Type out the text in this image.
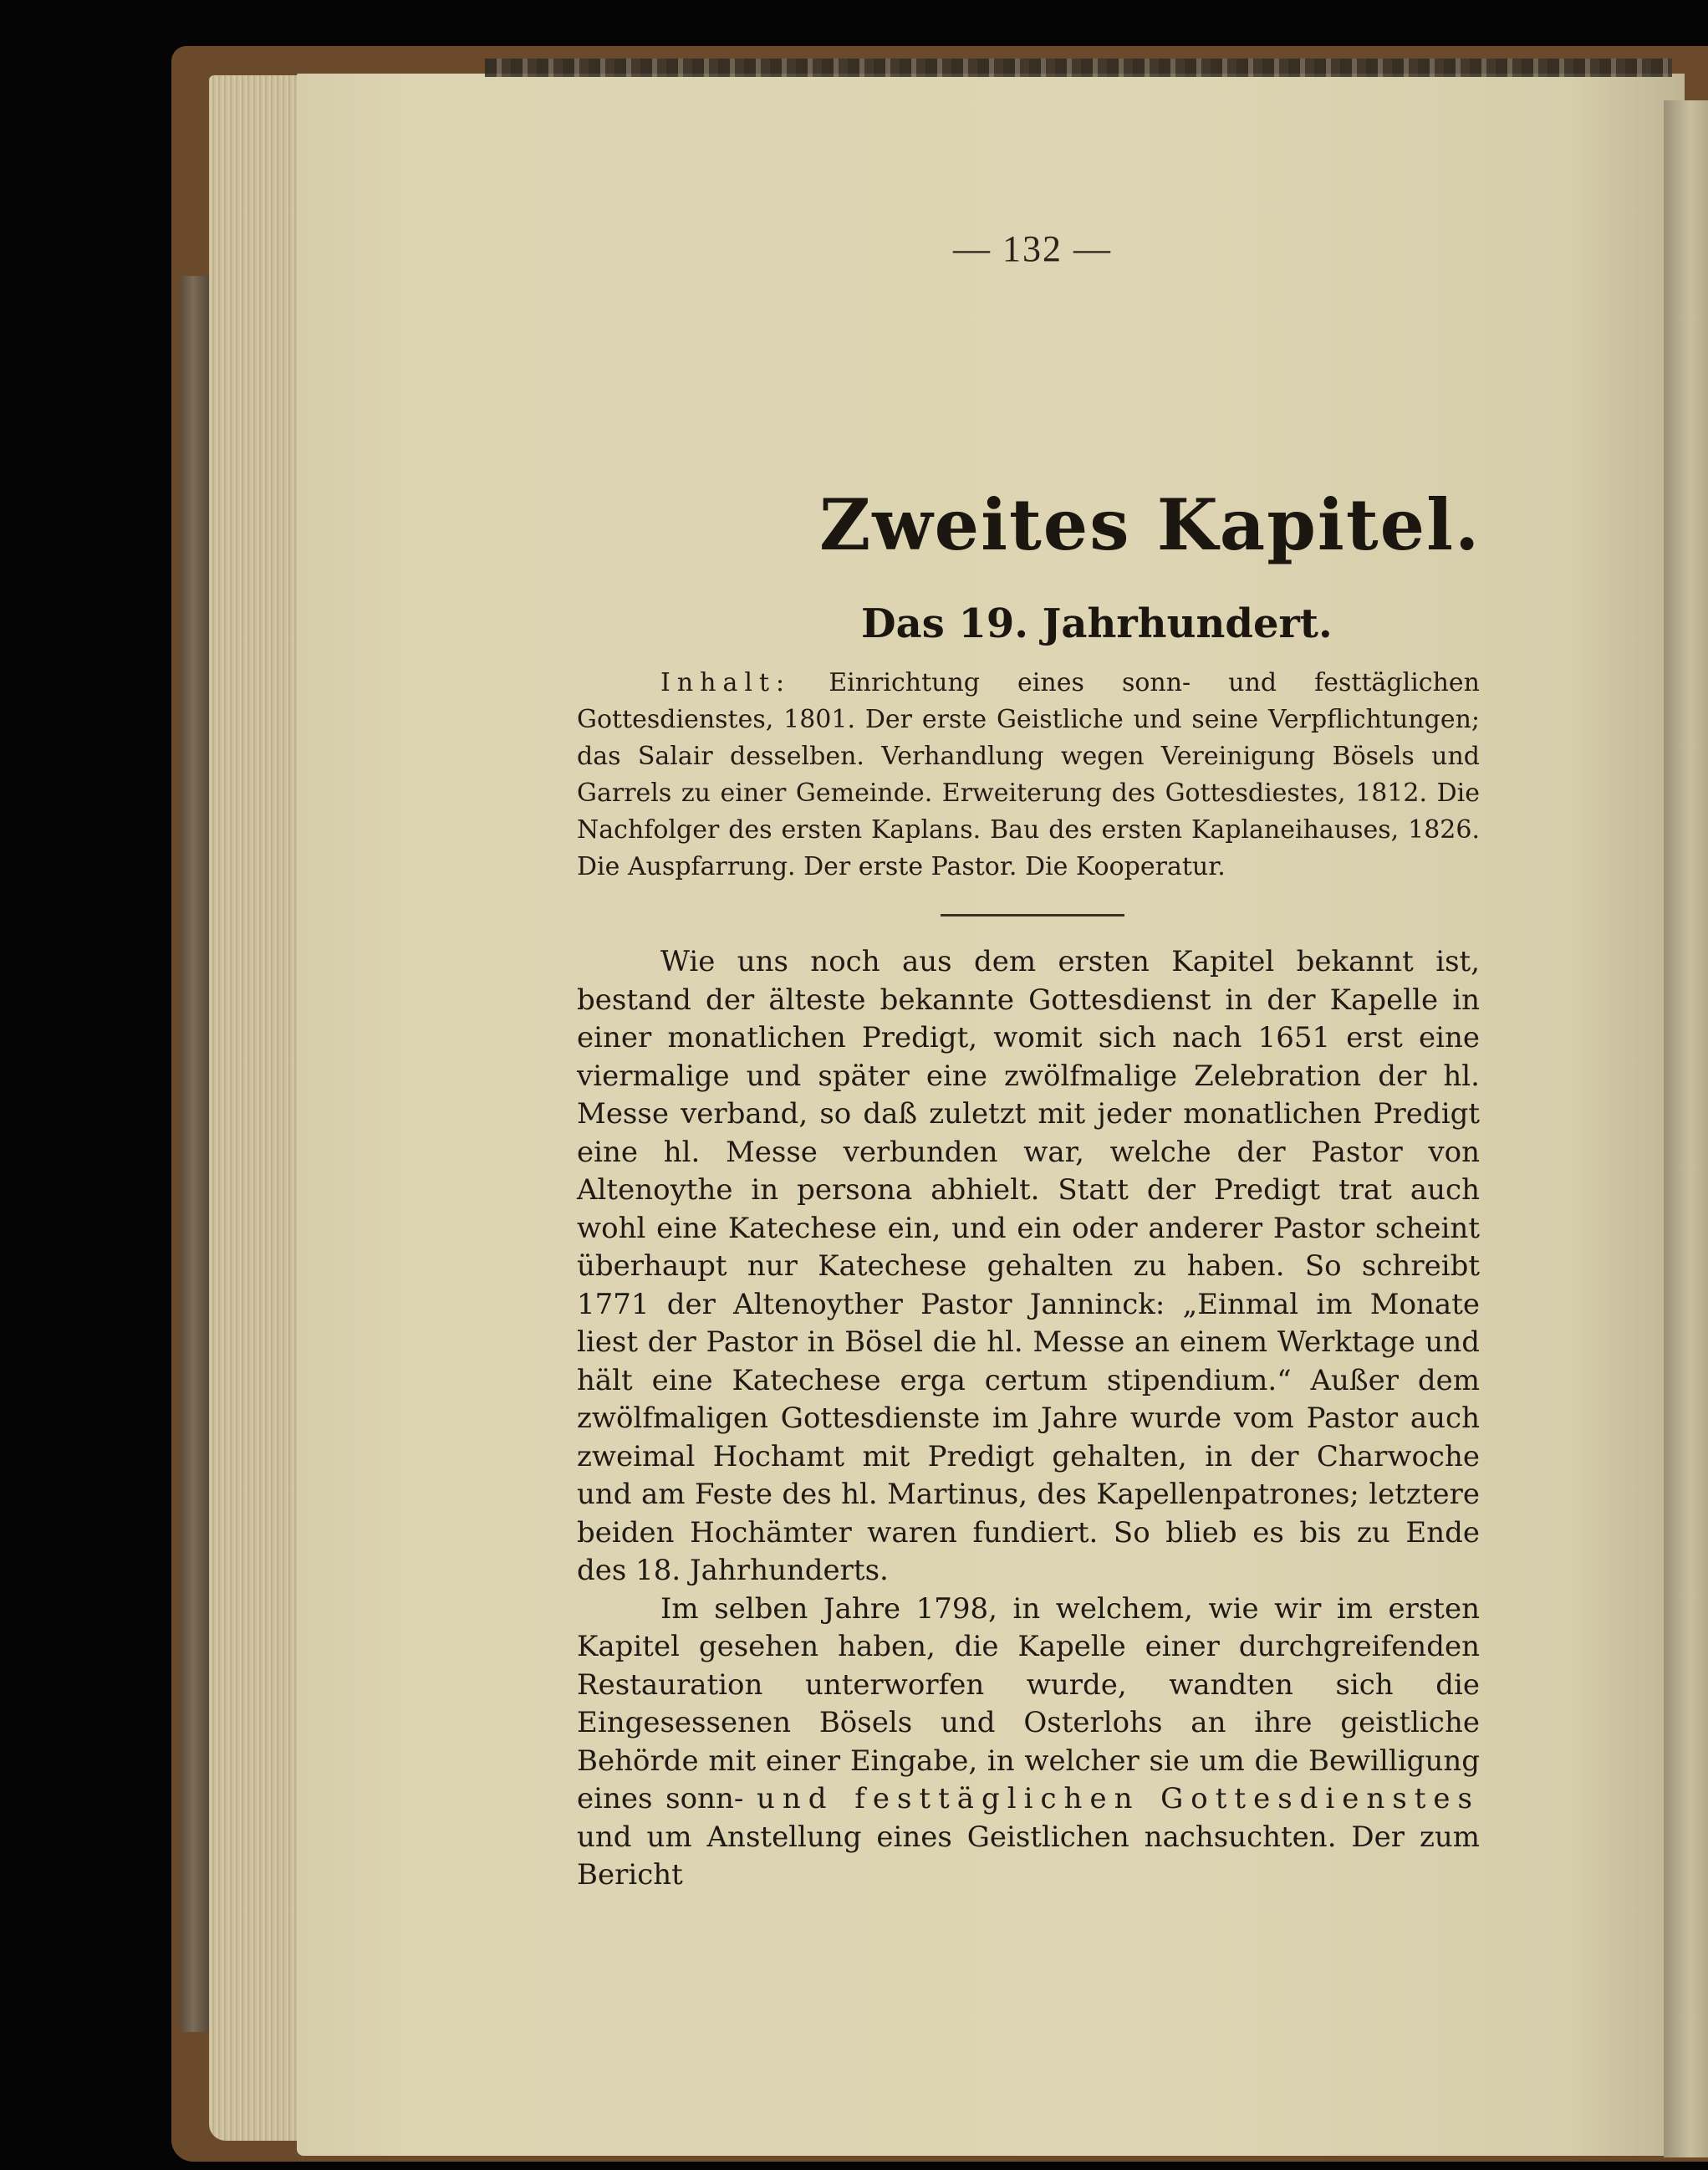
— 132 —
Zweites Kapitel.
Das 19. Jahrhundert.
Inhalt: Einrichtung eines sonn- und festtäglichen Gottesdienstes, 1801. Der erste Geistliche und seine Verpflichtungen; das Salair desselben. Verhandlung wegen Vereinigung Bösels und Garrels zu einer Gemeinde. Erweiterung des Gottesdiestes, 1812. Die Nachfolger des ersten Kaplans. Bau des ersten Kaplaneihauses, 1826. Die Auspfarrung. Der erste Pastor. Die Kooperatur.

Wie uns noch aus dem ersten Kapitel bekannt ist, bestand der älteste bekannte Gottesdienst in der Kapelle in einer monatlichen Predigt, womit sich nach 1651 erst eine viermalige und später eine zwölfmalige Zelebration der hl. Messe verband, so daß zuletzt mit jeder monatlichen Predigt eine hl. Messe verbunden war, welche der Pastor von Altenoythe in persona abhielt. Statt der Predigt trat auch wohl eine Katechese ein, und ein oder anderer Pastor scheint überhaupt nur Katechese gehalten zu haben. So schreibt 1771 der Altenoyther Pastor Janninck: „Einmal im Monate liest der Pastor in Bösel die hl. Messe an einem Werktage und hält eine Katechese erga certum stipendium.“ Außer dem zwölfmaligen Gottesdienste im Jahre wurde vom Pastor auch zweimal Hochamt mit Predigt gehalten, in der Charwoche und am Feste des hl. Martinus, des Kapellenpatrones; letztere beiden Hochämter waren fundiert. So blieb es bis zu Ende des 18. Jahrhunderts.

Im selben Jahre 1798, in welchem, wie wir im ersten Kapitel gesehen haben, die Kapelle einer durchgreifenden Restauration unterworfen wurde, wandten sich die Eingesessenen Bösels und Osterlohs an ihre geistliche Behörde mit einer Eingabe, in welcher sie um die Bewilligung eines sonn- und festtäglichen Gottesdienstes und um Anstellung eines Geistlichen nachsuchten. Der zum Bericht
